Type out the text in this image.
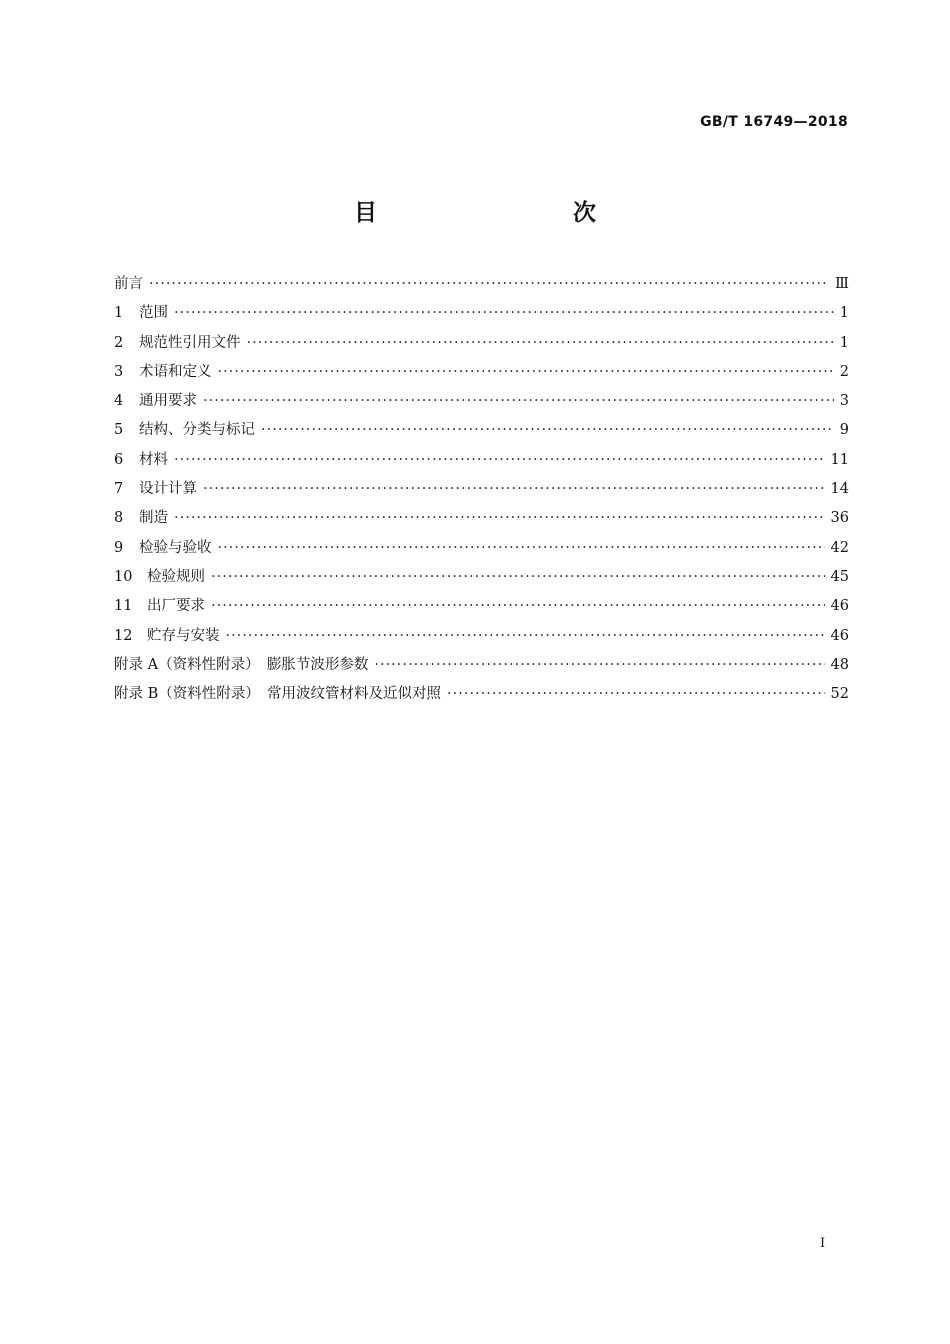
GB/T 16749—2018
目　　次
前言 ·····	Ⅲ
1	范围 ·····	1
2	规范性引用文件 ·····	1
3	术语和定义 ·····	2
4	通用要求 ·····	3
5	结构、分类与标记 ·····	9
6	材料 ·····	11
7	设计计算 ·····	14
8	制造 ·····	36
9	检验与验收 ·····	42
10	检验规则 ·····	45
11	出厂要求 ·····	46
12	贮存与安装 ·····	46
附录 A（资料性附录）　膨胀节波形参数 ·····	48
附录 B（资料性附录）　常用波纹管材料及近似对照 ·····	52
I
